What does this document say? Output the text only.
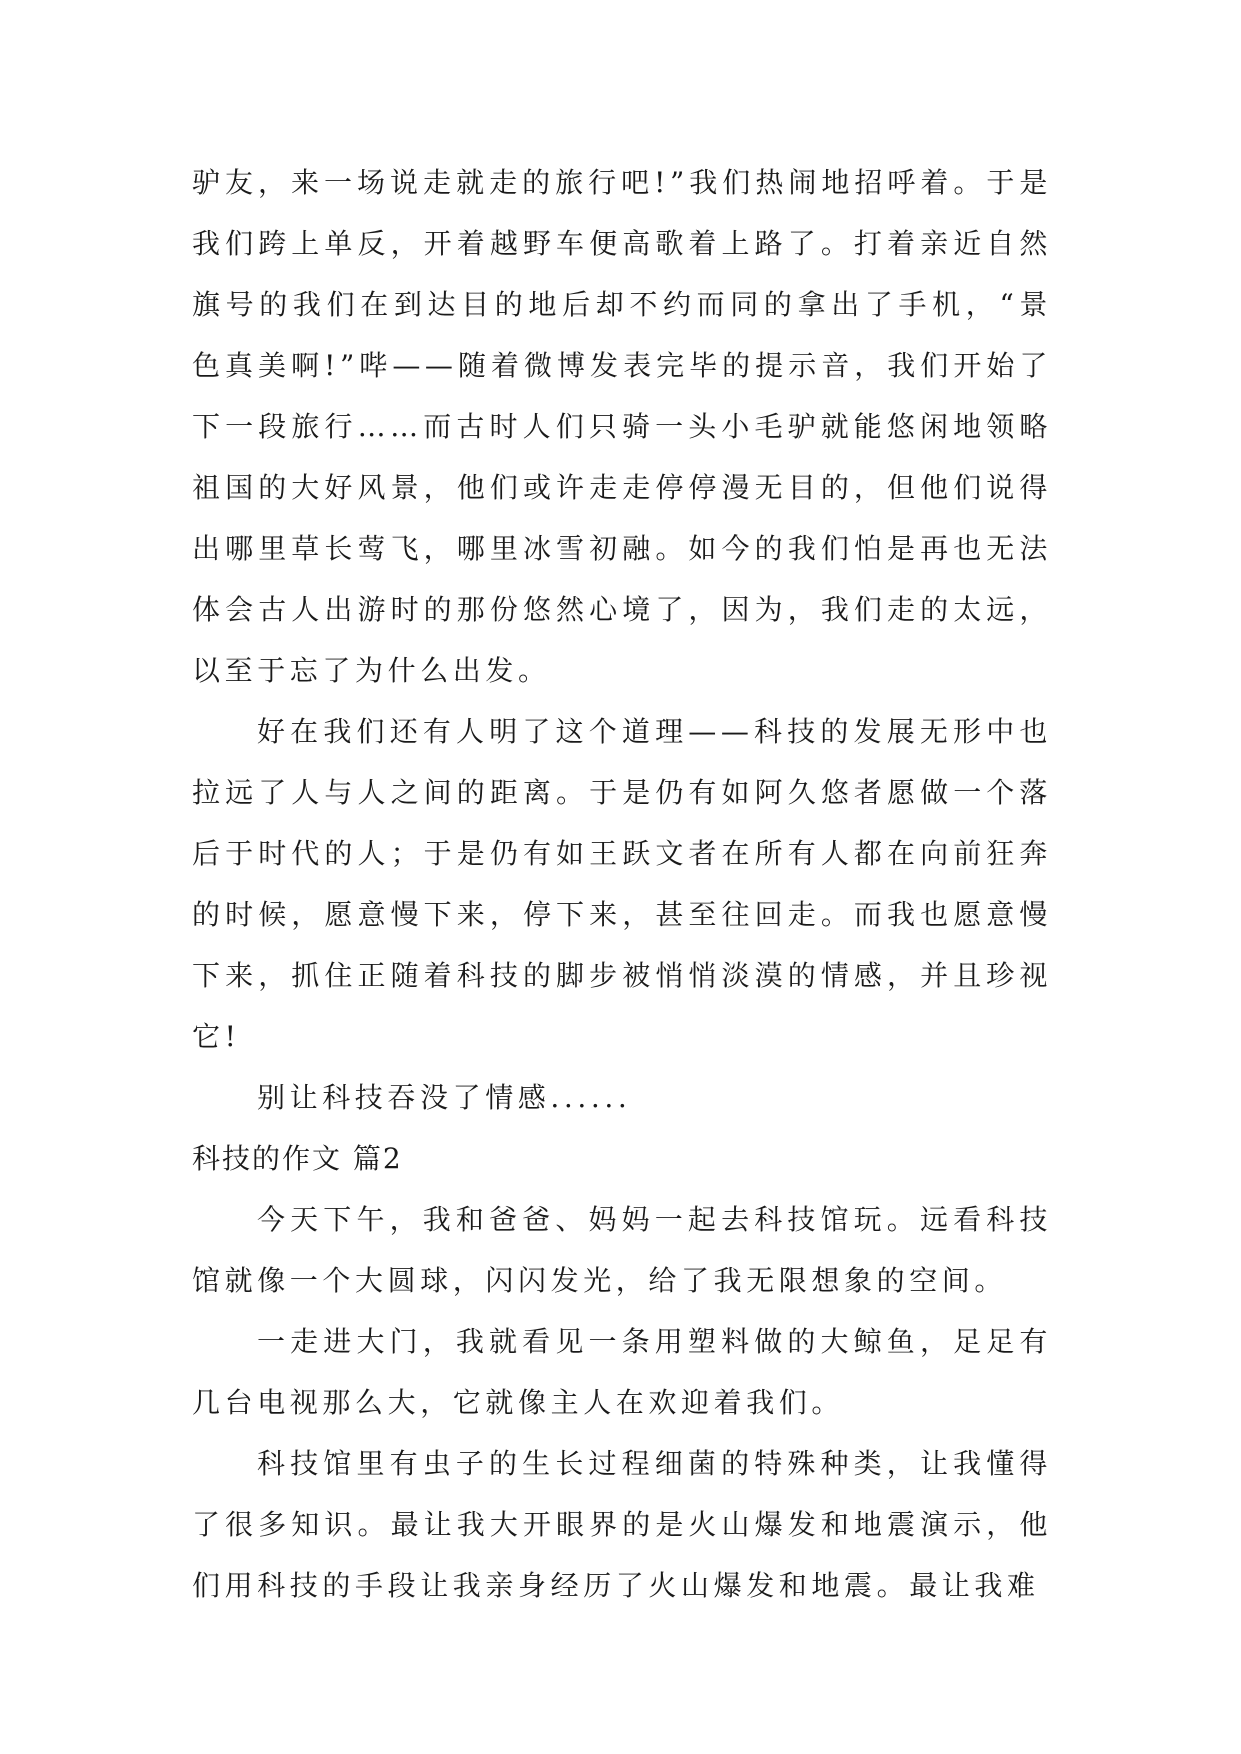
驴友，来一场说走就走的旅行吧!”我们热闹地招呼着。于是我们跨上单反，开着越野车便高歌着上路了。打着亲近自然旗号的我们在到达目的地后却不约而同的拿出了手机，“景色真美啊!”哔——随着微博发表完毕的提示音，我们开始了下一段旅行……而古时人们只骑一头小毛驴就能悠闲地领略祖国的大好风景，他们或许走走停停漫无目的，但他们说得出哪里草长莺飞，哪里冰雪初融。如今的我们怕是再也无法体会古人出游时的那份悠然心境了，因为，我们走的太远，以至于忘了为什么出发。

好在我们还有人明了这个道理——科技的发展无形中也拉远了人与人之间的距离。于是仍有如阿久悠者愿做一个落后于时代的人；于是仍有如王跃文者在所有人都在向前狂奔的时候，愿意慢下来，停下来，甚至往回走。而我也愿意慢下来，抓住正随着科技的脚步被悄悄淡漠的情感，并且珍视它!

别让科技吞没了情感......

科技的作文 篇2

今天下午，我和爸爸、妈妈一起去科技馆玩。远看科技馆就像一个大圆球，闪闪发光，给了我无限想象的空间。

一走进大门，我就看见一条用塑料做的大鲸鱼，足足有几台电视那么大，它就像主人在欢迎着我们。

科技馆里有虫子的生长过程细菌的特殊种类，让我懂得了很多知识。最让我大开眼界的是火山爆发和地震演示，他们用科技的手段让我亲身经历了火山爆发和地震。最让我难
